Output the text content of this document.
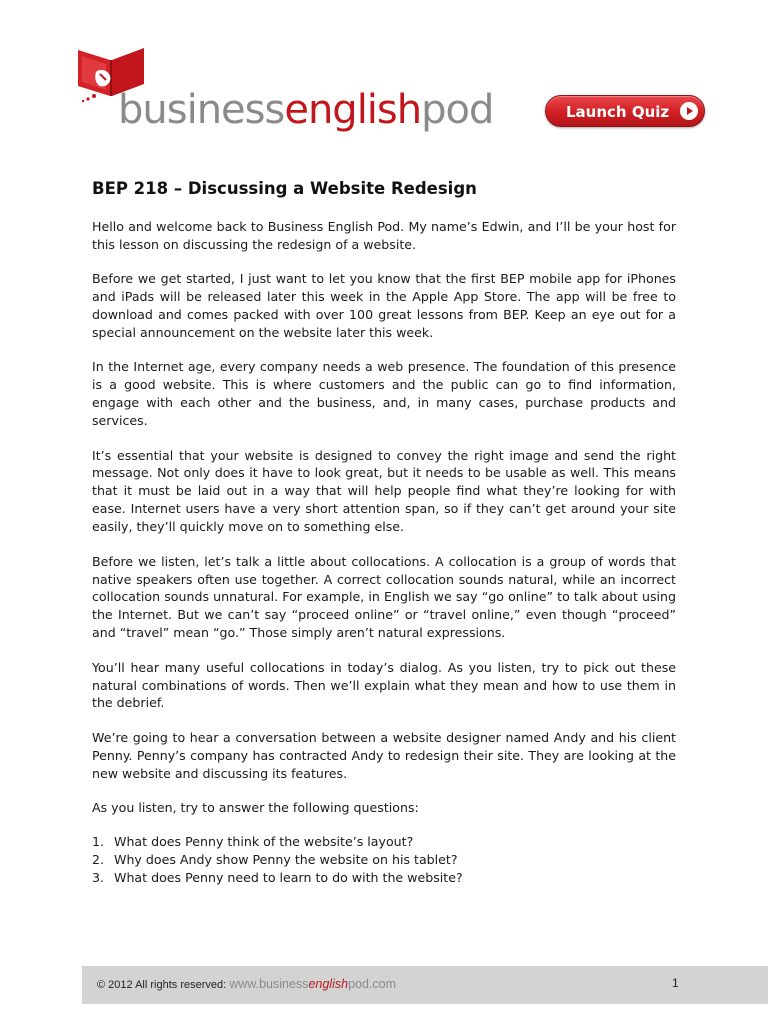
businessenglishpod	Launch Quiz
BEP 218 – Discussing a Website Redesign

Hello and welcome back to Business English Pod. My name’s Edwin, and I’ll be your host for this lesson on discussing the redesign of a website.

Before we get started, I just want to let you know that the first BEP mobile app for iPhones and iPads will be released later this week in the Apple App Store. The app will be free to download and comes packed with over 100 great lessons from BEP. Keep an eye out for a special announcement on the website later this week.

In the Internet age, every company needs a web presence. The foundation of this presence is a good website. This is where customers and the public can go to find information, engage with each other and the business, and, in many cases, purchase products and services.

It’s essential that your website is designed to convey the right image and send the right message. Not only does it have to look great, but it needs to be usable as well. This means that it must be laid out in a way that will help people find what they’re looking for with ease. Internet users have a very short attention span, so if they can’t get around your site easily, they’ll quickly move on to something else.

Before we listen, let’s talk a little about collocations. A collocation is a group of words that native speakers often use together. A correct collocation sounds natural, while an incorrect collocation sounds unnatural. For example, in English we say “go online” to talk about using the Internet. But we can’t say “proceed online” or “travel online,” even though “proceed” and “travel” mean “go.” Those simply aren’t natural expressions.

You’ll hear many useful collocations in today’s dialog. As you listen, try to pick out these natural combinations of words. Then we’ll explain what they mean and how to use them in the debrief.

We’re going to hear a conversation between a website designer named Andy and his client Penny. Penny’s company has contracted Andy to redesign their site. They are looking at the new website and discussing its features.

As you listen, try to answer the following questions:

1. What does Penny think of the website’s layout?
2. Why does Andy show Penny the website on his tablet?
3. What does Penny need to learn to do with the website?
© 2012 All rights reserved: www.businessenglishpod.com	1
